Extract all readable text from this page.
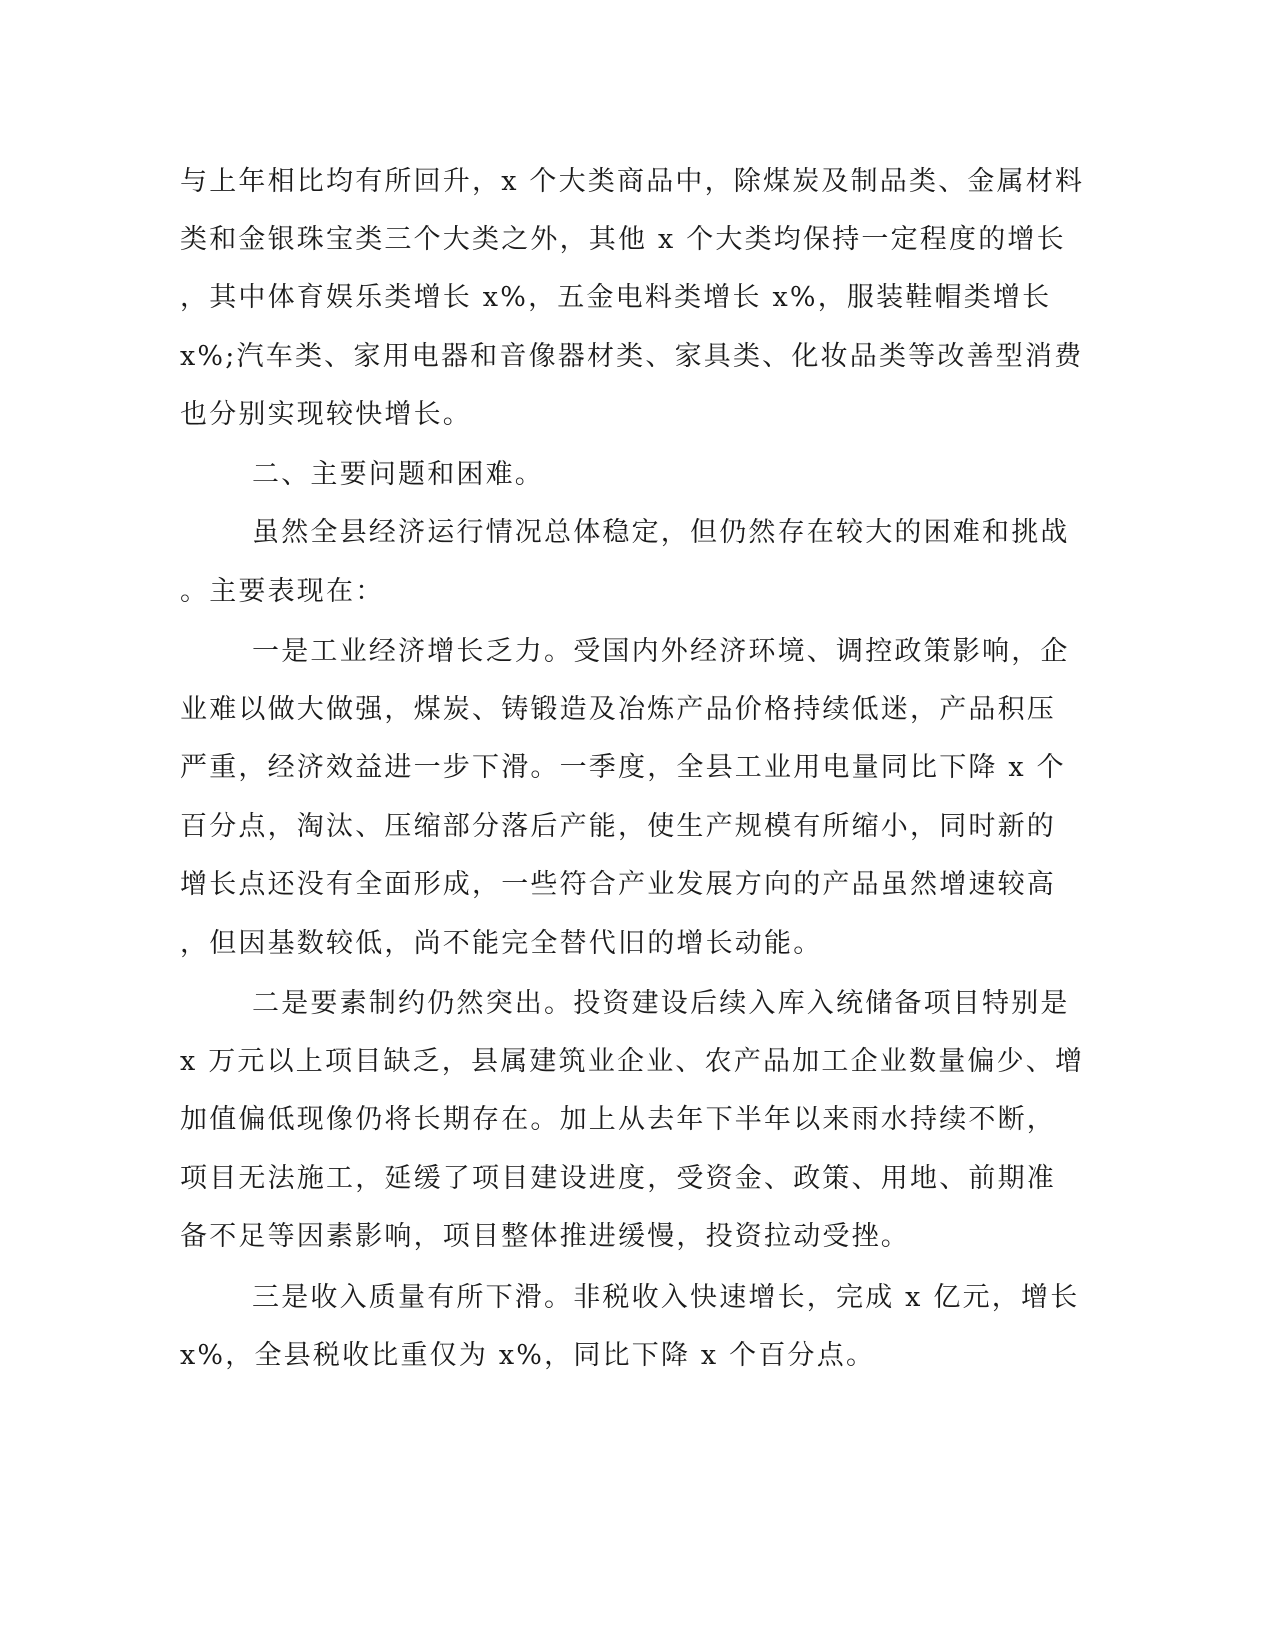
与上年相比均有所回升，x 个大类商品中，除煤炭及制品类、金属材料
类和金银珠宝类三个大类之外，其他 x 个大类均保持一定程度的增长
，其中体育娱乐类增长 x%，五金电料类增长 x%，服装鞋帽类增长
x%;汽车类、家用电器和音像器材类、家具类、化妆品类等改善型消费
也分别实现较快增长。
二、主要问题和困难。
虽然全县经济运行情况总体稳定，但仍然存在较大的困难和挑战
。主要表现在：
一是工业经济增长乏力。受国内外经济环境、调控政策影响，企
业难以做大做强，煤炭、铸锻造及冶炼产品价格持续低迷，产品积压
严重，经济效益进一步下滑。一季度，全县工业用电量同比下降 x 个
百分点，淘汰、压缩部分落后产能，使生产规模有所缩小，同时新的
增长点还没有全面形成，一些符合产业发展方向的产品虽然增速较高
，但因基数较低，尚不能完全替代旧的增长动能。
二是要素制约仍然突出。投资建设后续入库入统储备项目特别是
x 万元以上项目缺乏，县属建筑业企业、农产品加工企业数量偏少、增
加值偏低现像仍将长期存在。加上从去年下半年以来雨水持续不断，
项目无法施工，延缓了项目建设进度，受资金、政策、用地、前期准
备不足等因素影响，项目整体推进缓慢，投资拉动受挫。
三是收入质量有所下滑。非税收入快速增长，完成 x 亿元，增长
x%，全县税收比重仅为 x%，同比下降 x 个百分点。
